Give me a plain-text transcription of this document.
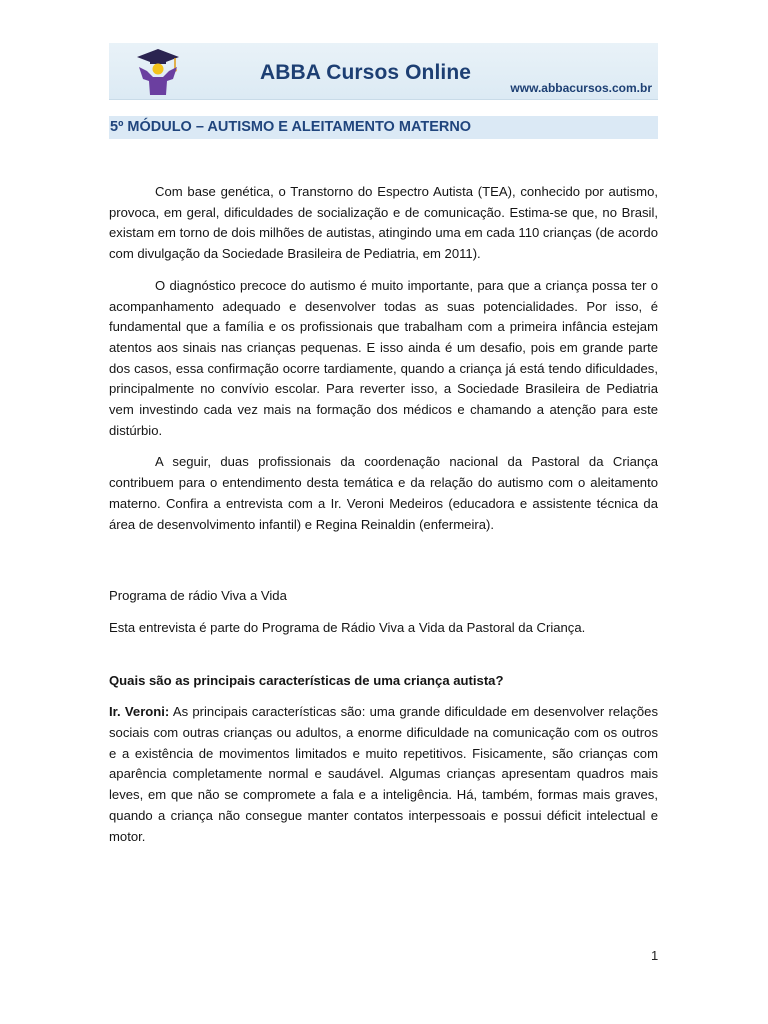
ABBA Cursos Online
www.abbacursos.com.br
5º MÓDULO – AUTISMO E ALEITAMENTO MATERNO

Com base genética, o Transtorno do Espectro Autista (TEA), conhecido por autismo, provoca, em geral, dificuldades de socialização e de comunicação. Estima-se que, no Brasil, existam em torno de dois milhões de autistas, atingindo uma em cada 110 crianças (de acordo com divulgação da Sociedade Brasileira de Pediatria, em 2011).

O diagnóstico precoce do autismo é muito importante, para que a criança possa ter o acompanhamento adequado e desenvolver todas as suas potencialidades. Por isso, é fundamental que a família e os profissionais que trabalham com a primeira infância estejam atentos aos sinais nas crianças pequenas. E isso ainda é um desafio, pois em grande parte dos casos, essa confirmação ocorre tardiamente, quando a criança já está tendo dificuldades, principalmente no convívio escolar. Para reverter isso, a Sociedade Brasileira de Pediatria vem investindo cada vez mais na formação dos médicos e chamando a atenção para este distúrbio.

A seguir, duas profissionais da coordenação nacional da Pastoral da Criança contribuem para o entendimento desta temática e da relação do autismo com o aleitamento materno. Confira a entrevista com a Ir. Veroni Medeiros (educadora e assistente técnica da área de desenvolvimento infantil) e Regina Reinaldin (enfermeira).

Programa de rádio Viva a Vida

Esta entrevista é parte do Programa de Rádio Viva a Vida da Pastoral da Criança.

Quais são as principais características de uma criança autista?

Ir. Veroni: As principais características são: uma grande dificuldade em desenvolver relações sociais com outras crianças ou adultos, a enorme dificuldade na comunicação com os outros e a existência de movimentos limitados e muito repetitivos. Fisicamente, são crianças com aparência completamente normal e saudável. Algumas crianças apresentam quadros mais leves, em que não se compromete a fala e a inteligência. Há, também, formas mais graves, quando a criança não consegue manter contatos interpessoais e possui déficit intelectual e motor.

1
